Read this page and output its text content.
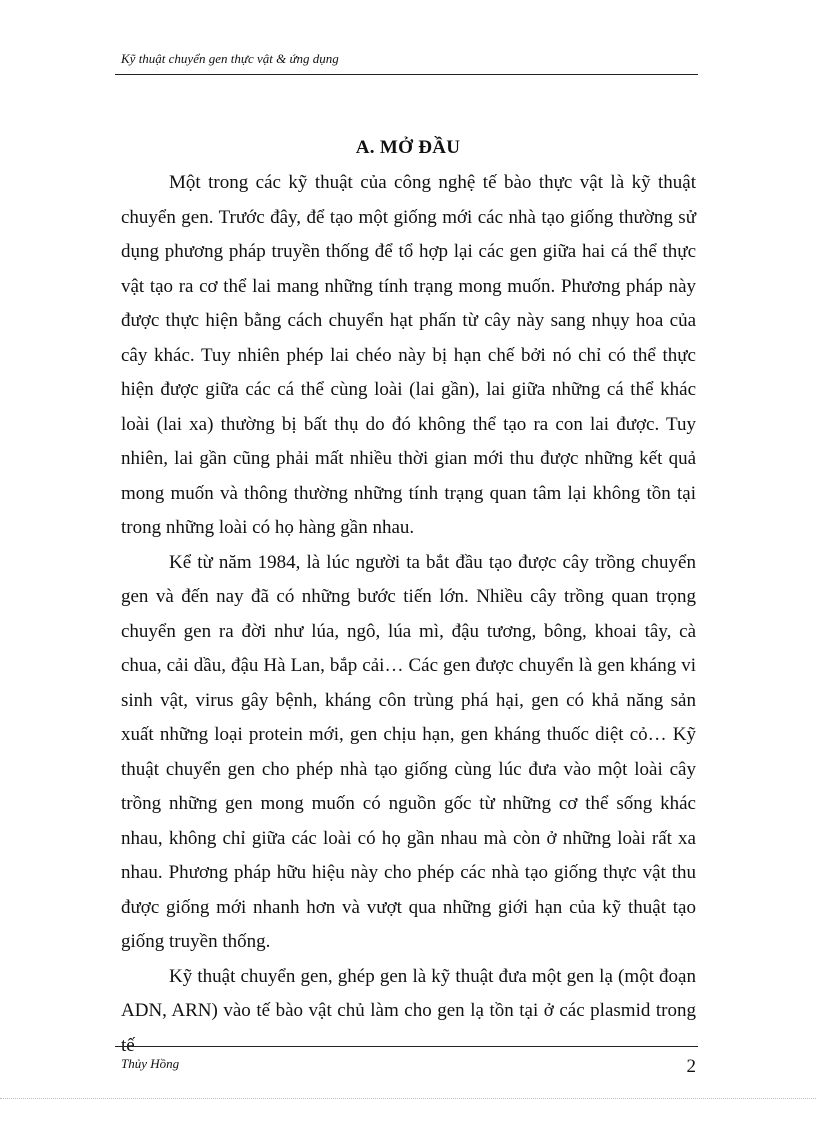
Kỹ thuật chuyển gen thực vật & ứng dụng
A. MỞ ĐẦU

Một trong các kỹ thuật của công nghệ tế bào thực vật là kỹ thuật chuyển gen. Trước đây, để tạo một giống mới các nhà tạo giống thường sử dụng phương pháp truyền thống để tổ hợp lại các gen giữa hai cá thể thực vật tạo ra cơ thể lai mang những tính trạng mong muốn. Phương pháp này được thực hiện bằng cách chuyển hạt phấn từ cây này sang nhụy hoa của cây khác. Tuy nhiên phép lai chéo này bị hạn chế bởi nó chỉ có thể thực hiện được giữa các cá thể cùng loài (lai gần), lai giữa những cá thể khác loài (lai xa) thường bị bất thụ do đó không thể tạo ra con lai được. Tuy nhiên, lai gần cũng phải mất nhiều thời gian mới thu được những kết quả mong muốn và thông thường những tính trạng quan tâm lại không tồn tại trong những loài có họ hàng gần nhau.

Kể từ năm 1984, là lúc người ta bắt đầu tạo được cây trồng chuyển gen và đến nay đã có những bước tiến lớn. Nhiều cây trồng quan trọng chuyển gen ra đời như lúa, ngô, lúa mì, đậu tương, bông, khoai tây, cà chua, cải dầu, đậu Hà Lan, bắp cải… Các gen được chuyển là gen kháng vi sinh vật, virus gây bệnh, kháng côn trùng phá hại, gen có khả năng sản xuất những loại protein mới, gen chịu hạn, gen kháng thuốc diệt cỏ… Kỹ thuật chuyển gen cho phép nhà tạo giống cùng lúc đưa vào một loài cây trồng những gen mong muốn có nguồn gốc từ những cơ thể sống khác nhau, không chỉ giữa các loài có họ gần nhau mà còn ở những loài rất xa nhau. Phương pháp hữu hiệu này cho phép các nhà tạo giống thực vật thu được giống mới nhanh hơn và vượt qua những giới hạn của kỹ thuật tạo giống truyền thống.

Kỹ thuật chuyển gen, ghép gen là kỹ thuật đưa một gen lạ (một đoạn ADN, ARN) vào tế bào vật chủ làm cho gen lạ tồn tại ở các plasmid trong tế

Thủy Hồng	2
